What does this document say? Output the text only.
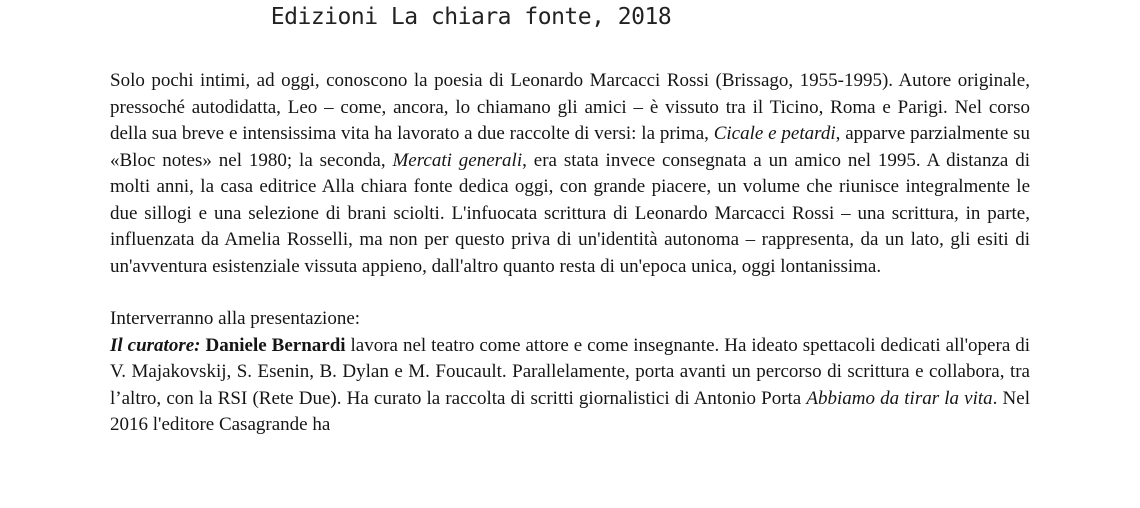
Edizioni La chiara fonte, 2018

Solo pochi intimi, ad oggi, conoscono la poesia di Leonardo Marcacci Rossi (Brissago, 1955-1995). Autore originale, pressoché autodidatta, Leo – come, ancora, lo chiamano gli amici – è vissuto tra il Ticino, Roma e Parigi. Nel corso della sua breve e intensissima vita ha lavorato a due raccolte di versi: la prima, Cicale e petardi, apparve parzialmente su «Bloc notes» nel 1980; la seconda, Mercati generali, era stata invece consegnata a un amico nel 1995. A distanza di molti anni, la casa editrice Alla chiara fonte dedica oggi, con grande piacere, un volume che riunisce integralmente le due sillogi e una selezione di brani sciolti. L'infuocata scrittura di Leonardo Marcacci Rossi – una scrittura, in parte, influenzata da Amelia Rosselli, ma non per questo priva di un'identità autonoma – rappresenta, da un lato, gli esiti di un'avventura esistenziale vissuta appieno, dall'altro quanto resta di un'epoca unica, oggi lontanissima.

Interverranno alla presentazione:

Il curatore: Daniele Bernardi lavora nel teatro come attore e come insegnante. Ha ideato spettacoli dedicati all'opera di V. Majakovskij, S. Esenin, B. Dylan e M. Foucault. Parallelamente, porta avanti un percorso di scrittura e collabora, tra l’altro, con la RSI (Rete Due). Ha curato la raccolta di scritti giornalistici di Antonio Porta Abbiamo da tirar la vita. Nel 2016 l'editore Casagrande ha
